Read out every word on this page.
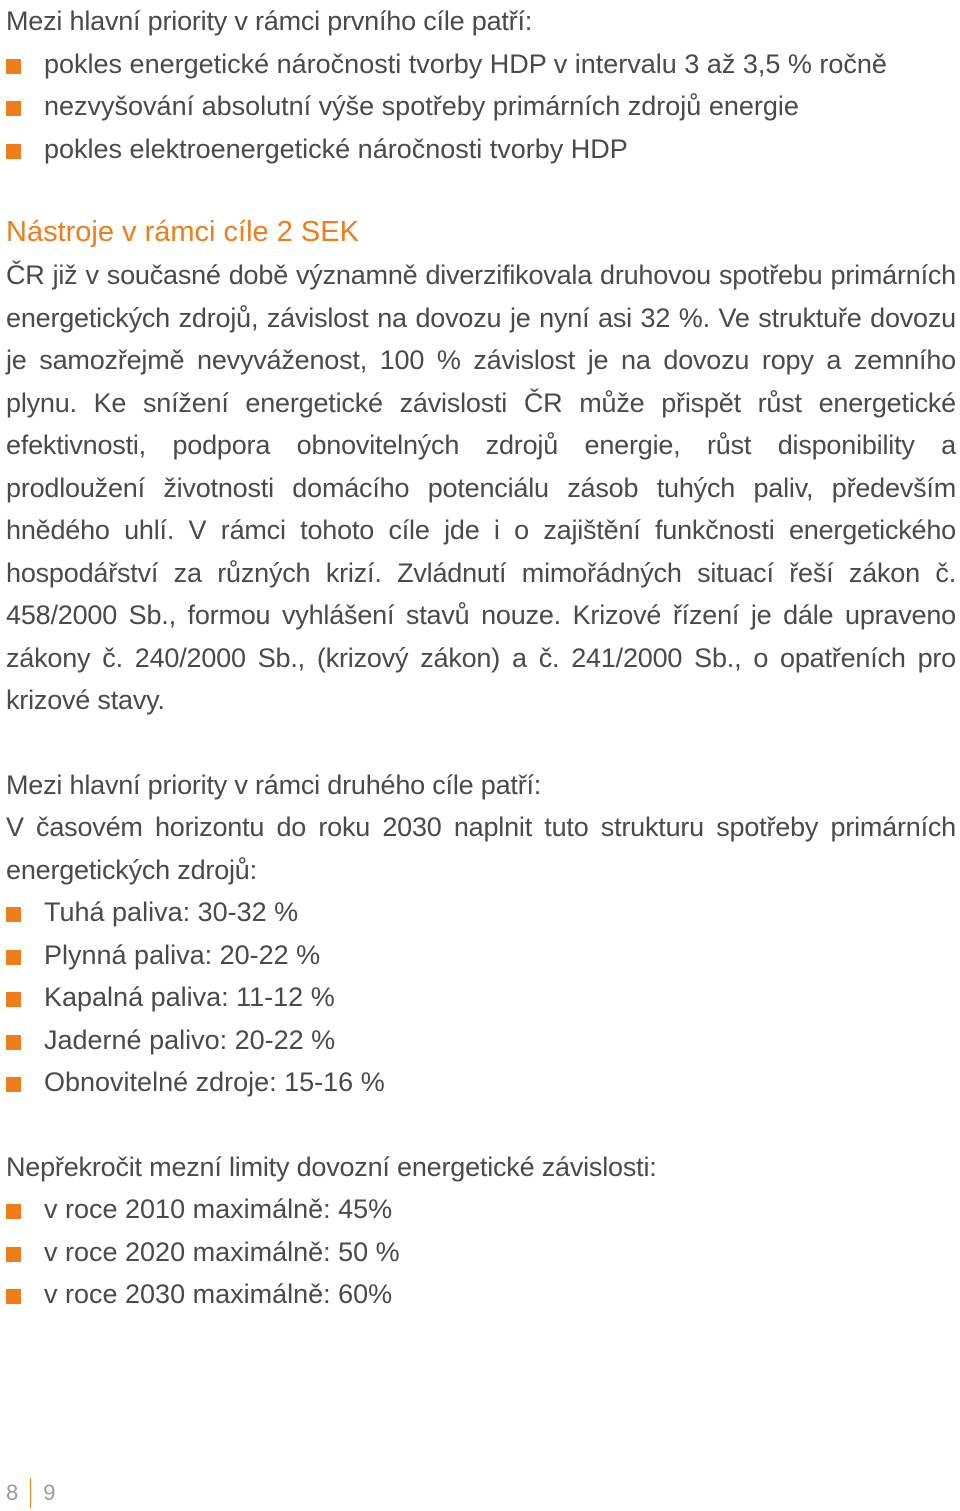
Mezi hlavní priority v rámci prvního cíle patří:
pokles energetické náročnosti tvorby HDP v intervalu 3 až 3,5 % ročně
nezvyšování absolutní výše spotřeby primárních zdrojů energie
pokles elektroenergetické náročnosti tvorby HDP
Nástroje v rámci cíle 2 SEK
ČR již v současné době významně diverzifikovala druhovou spotřebu primárních energetických zdrojů, závislost na dovozu je nyní asi 32 %. Ve struktuře dovozu je samozřejmě nevyváženost, 100 % závislost je na dovozu ropy a zemního plynu. Ke snížení energetické závislosti ČR může přispět růst energetické efektivnosti, podpora obnovitelných zdrojů energie, růst disponibility a prodloužení životnosti domácího potenciálu zásob tuhých paliv, především hnědého uhlí. V rámci tohoto cíle jde i o zajištění funkčnosti energetického hospodářství za různých krizí. Zvládnutí mimořádných situací řeší zákon č. 458/2000 Sb., formou vyhlášení stavů nouze. Krizové řízení je dále upraveno zákony č. 240/2000 Sb., (krizový zákon) a č. 241/2000 Sb., o opatřeních pro krizové stavy.
Mezi hlavní priority v rámci druhého cíle patří:
V časovém horizontu do roku 2030 naplnit tuto strukturu spotřeby primárních energetických zdrojů:
Tuhá paliva: 30-32 %
Plynná paliva: 20-22 %
Kapalná paliva: 11-12 %
Jaderné palivo: 20-22 %
Obnovitelné zdroje: 15-16 %
Nepřekročit mezní limity dovozní energetické závislosti:
v roce 2010 maximálně: 45%
v roce 2020 maximálně: 50 %
v roce 2030 maximálně: 60%
8 9
